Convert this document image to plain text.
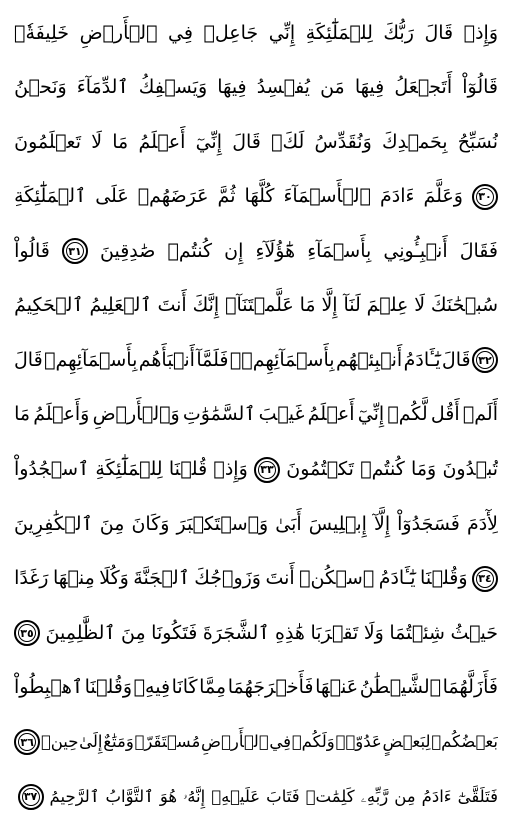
وَإِذۡ
قَالَ
رَبُّكَ
لِلۡمَلَٰٓئِكَةِ
إِنِّي
جَاعِلٞ
فِي
ٱلۡأَرۡضِ
خَلِيفَةٗۖ
قَالُوٓاْ
أَتَجۡعَلُ
فِيهَا
مَن
يُفۡسِدُ
فِيهَا
وَيَسۡفِكُ
ٱلدِّمَآءَ
وَنَحۡنُ
نُسَبِّحُ
بِحَمۡدِكَ
وَنُقَدِّسُ
لَكَۖ
قَالَ
إِنِّيٓ
أَعۡلَمُ
مَا
لَا
تَعۡلَمُونَ
٣٠
وَعَلَّمَ
ءَادَمَ
ٱلۡأَسۡمَآءَ
كُلَّهَا
ثُمَّ
عَرَضَهُمۡ
عَلَى
ٱلۡمَلَٰٓئِكَةِ
فَقَالَ
أَنۢبِـُٔونِي
بِأَسۡمَآءِ
هَٰٓؤُلَآءِ
إِن
كُنتُمۡ
صَٰدِقِينَ
٣١
قَالُواْ
سُبۡحَٰنَكَ
لَا
عِلۡمَ
لَنَآ
إِلَّا
مَا
عَلَّمۡتَنَآۖ
إِنَّكَ
أَنتَ
ٱلۡعَلِيمُ
ٱلۡحَكِيمُ
٣٢
قَالَ
يَٰٓـَٔادَمُ
أَنۢبِئۡهُم
بِأَسۡمَآئِهِمۡۖ
فَلَمَّآ
أَنۢبَأَهُم
بِأَسۡمَآئِهِمۡ
قَالَ
أَلَمۡ
أَقُل
لَّكُمۡ
إِنِّيٓ
أَعۡلَمُ
غَيۡبَ
ٱلسَّمَٰوَٰتِ
وَٱلۡأَرۡضِ
وَأَعۡلَمُ
مَا
تُبۡدُونَ
وَمَا
كُنتُمۡ
تَكۡتُمُونَ
٣٣
وَإِذۡ
قُلۡنَا
لِلۡمَلَٰٓئِكَةِ
ٱسۡجُدُواْ
لِأٓدَمَ
فَسَجَدُوٓاْ
إِلَّآ
إِبۡلِيسَ
أَبَىٰ
وَٱسۡتَكۡبَرَ
وَكَانَ
مِنَ
ٱلۡكَٰفِرِينَ
٣٤
وَقُلۡنَا
يَٰٓـَٔادَمُ
ٱسۡكُنۡ
أَنتَ
وَزَوۡجُكَ
ٱلۡجَنَّةَ
وَكُلَا
مِنۡهَا
رَغَدًا
حَيۡثُ
شِئۡتُمَا
وَلَا
تَقۡرَبَا
هَٰذِهِ
ٱلشَّجَرَةَ
فَتَكُونَا
مِنَ
ٱلظَّٰلِمِينَ
٣٥
فَأَزَلَّهُمَا
ٱلشَّيۡطَٰنُ
عَنۡهَا
فَأَخۡرَجَهُمَا
مِمَّا
كَانَا
فِيهِۖ
وَقُلۡنَا
ٱهۡبِطُواْ
بَعۡضُكُمۡ
لِبَعۡضٍ
عَدُوّٞۖ
وَلَكُمۡ
فِي
ٱلۡأَرۡضِ
مُسۡتَقَرّٞ
وَمَتَٰعٌ
إِلَىٰ
حِينٖ
٣٦
فَتَلَقَّىٰٓ
ءَادَمُ
مِن
رَّبِّهِۦ
كَلِمَٰتٖ
فَتَابَ
عَلَيۡهِۚ
إِنَّهُۥ
هُوَ
ٱلتَّوَّابُ
ٱلرَّحِيمُ
٣٧
